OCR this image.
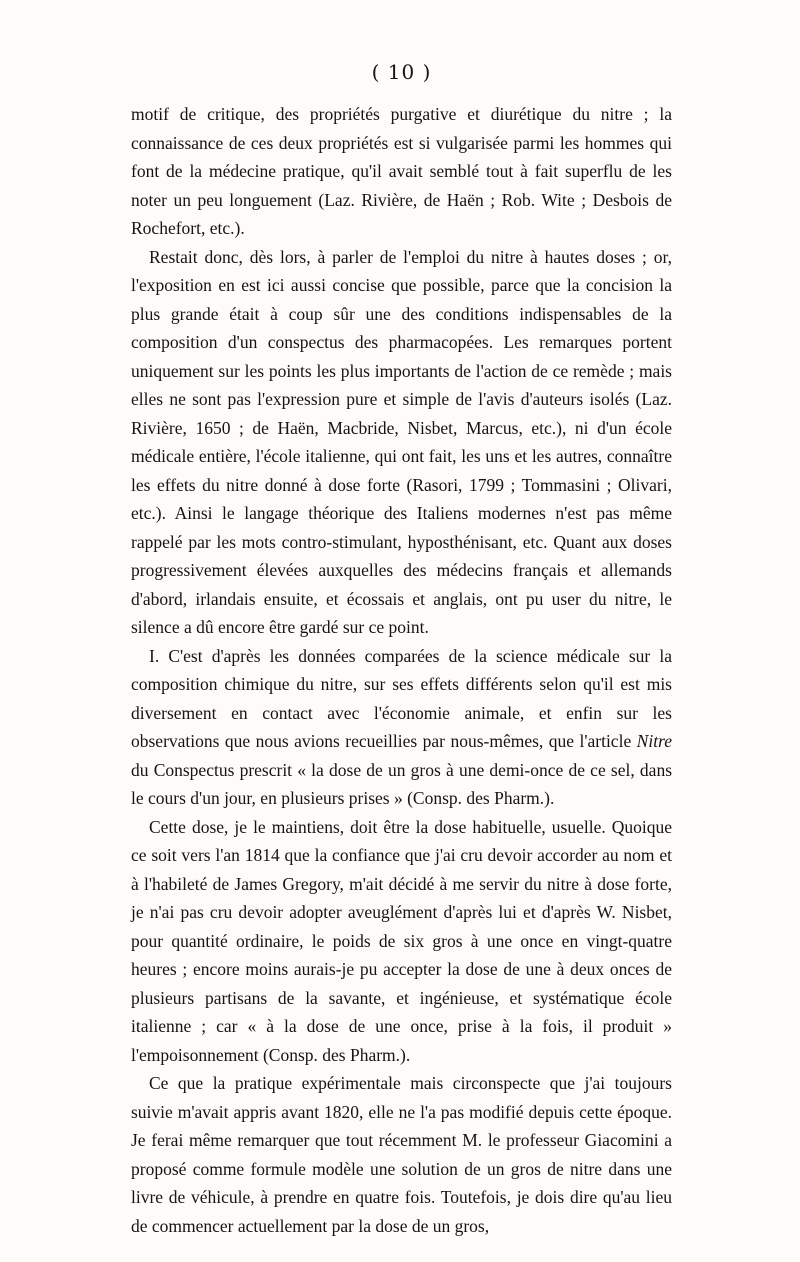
( 10 )

motif de critique, des propriétés purgative et diurétique du nitre ; la connaissance de ces deux propriétés est si vulgarisée parmi les hommes qui font de la médecine pratique, qu'il avait semblé tout à fait superflu de les noter un peu longuement (Laz. Rivière, de Haën ; Rob. Wite ; Desbois de Rochefort, etc.).

Restait donc, dès lors, à parler de l'emploi du nitre à hautes doses ; or, l'exposition en est ici aussi concise que possible, parce que la concision la plus grande était à coup sûr une des conditions indispensables de la composition d'un conspectus des pharmacopées. Les remarques portent uniquement sur les points les plus importants de l'action de ce remède ; mais elles ne sont pas l'expression pure et simple de l'avis d'auteurs isolés (Laz. Rivière, 1650 ; de Haën, Macbride, Nisbet, Marcus, etc.), ni d'un école médicale entière, l'école italienne, qui ont fait, les uns et les autres, connaître les effets du nitre donné à dose forte (Rasori, 1799 ; Tommasini ; Olivari, etc.). Ainsi le langage théorique des Italiens modernes n'est pas même rappelé par les mots contro-stimulant, hyposthénisant, etc. Quant aux doses progressivement élevées auxquelles des médecins français et allemands d'abord, irlandais ensuite, et écossais et anglais, ont pu user du nitre, le silence a dû encore être gardé sur ce point.

I. C'est d'après les données comparées de la science médicale sur la composition chimique du nitre, sur ses effets différents selon qu'il est mis diversement en contact avec l'économie animale, et enfin sur les observations que nous avions recueillies par nous-mêmes, que l'article Nitre du Conspectus prescrit « la dose de un gros à une demi-once de ce sel, dans le cours d'un jour, en plusieurs prises » (Consp. des Pharm.).

Cette dose, je le maintiens, doit être la dose habituelle, usuelle. Quoique ce soit vers l'an 1814 que la confiance que j'ai cru devoir accorder au nom et à l'habileté de James Gregory, m'ait décidé à me servir du nitre à dose forte, je n'ai pas cru devoir adopter aveuglément d'après lui et d'après W. Nisbet, pour quantité ordinaire, le poids de six gros à une once en vingt-quatre heures ; encore moins aurais-je pu accepter la dose de une à deux onces de plusieurs partisans de la savante, et ingénieuse, et systématique école italienne ; car « à la dose de une once, prise à la fois, il produit » l'empoisonnement (Consp. des Pharm.).

Ce que la pratique expérimentale mais circonspecte que j'ai toujours suivie m'avait appris avant 1820, elle ne l'a pas modifié depuis cette époque. Je ferai même remarquer que tout récemment M. le professeur Giacomini a proposé comme formule modèle une solution de un gros de nitre dans une livre de véhicule, à prendre en quatre fois. Toutefois, je dois dire qu'au lieu de commencer actuellement par la dose de un gros,
